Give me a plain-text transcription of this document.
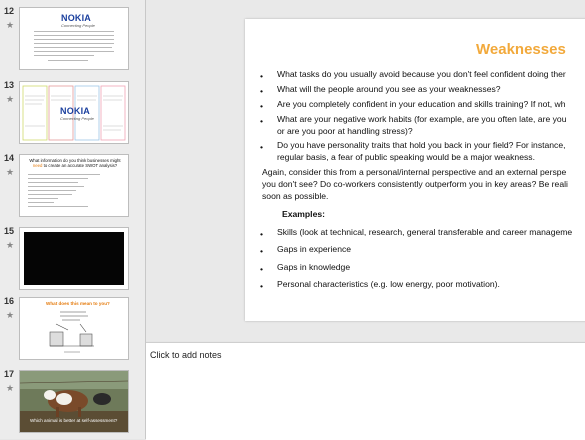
12
★
NOKIA
Connecting People
13
★
NOKIA
Connecting People
14
★
What information do you think businesses might need to create an accurate SWOT analysis?
15
★
16
★
What does this mean to you?
17
★
Which animal is better at self-assessment?
Weaknesses
• What tasks do you usually avoid because you don't feel confident doing ther
• What will the people around you see as your weaknesses?
• Are you completely confident in your education and skills training? If not, wh
• What are your negative work habits (for example, are you often late, are you
or are you poor at handling stress)?
• Do you have personality traits that hold you back in your field? For instance,
regular basis, a fear of public speaking would be a major weakness.
Again, consider this from a personal/internal perspective and an external perspe
you don't see? Do co-workers consistently outperform you in key areas? Be reali
soon as possible.
Examples:
• Skills (look at technical, research, general transferable and career manageme
• Gaps in experience
• Gaps in knowledge
• Personal characteristics (e.g. low energy, poor motivation).
Click to add notes
